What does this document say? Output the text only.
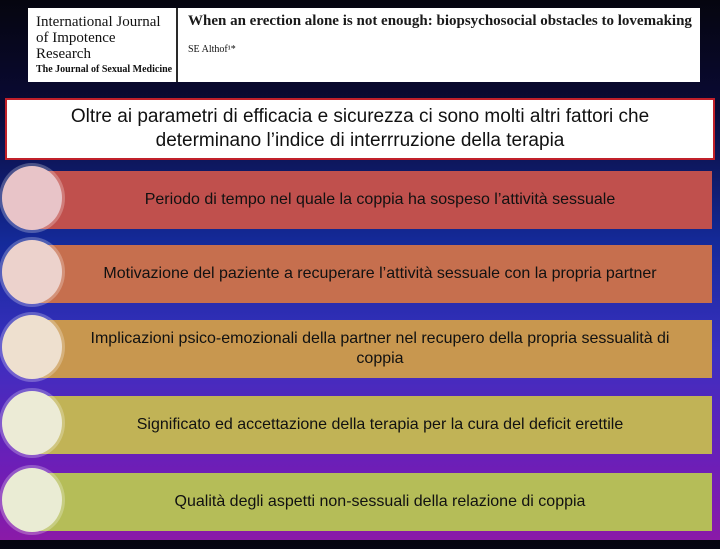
International Journal of Impotence Research
The Journal of Sexual Medicine
When an erection alone is not enough: biopsychosocial obstacles to lovemaking
SE Althof¹*
Oltre ai parametri di efficacia e sicurezza ci sono molti altri fattori che determinano l’indice di interrruzione della terapia
Periodo di tempo nel quale la coppia ha sospeso l’attività sessuale
Motivazione del paziente a recuperare l’attività sessuale con la propria partner
Implicazioni psico-emozionali della partner nel recupero della propria sessualità di coppia
Significato ed accettazione della terapia per la cura del deficit erettile
Qualità degli aspetti non-sessuali della relazione di coppia
